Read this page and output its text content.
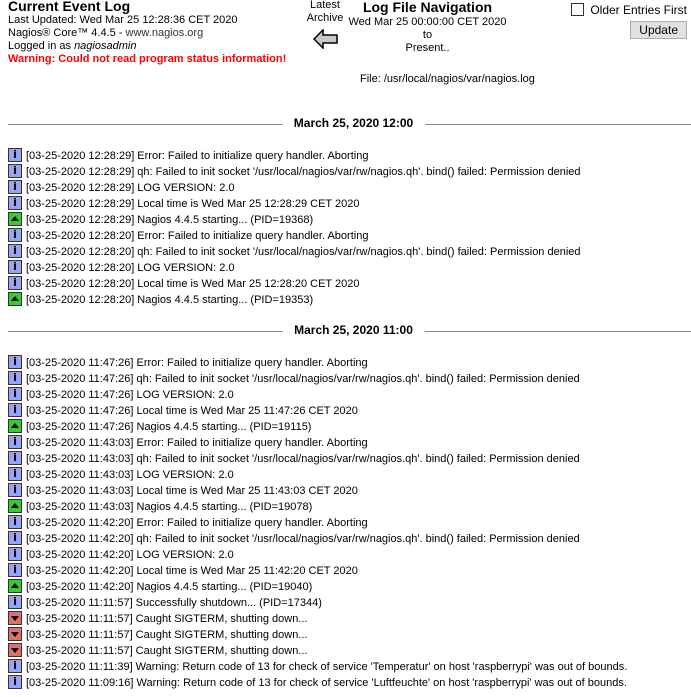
Current Event Log
Last Updated: Wed Mar 25 12:28:36 CET 2020
Nagios® Core™ 4.4.5 - www.nagios.org
Logged in as nagiosadmin
Warning: Could not read program status information!
Latest
Archive
Log File Navigation
Wed Mar 25 00:00:00 CET 2020
to
Present..
File: /usr/local/nagios/var/nagios.log
Older Entries First
Update
March 25, 2020 12:00
i[03-25-2020 12:28:29] Error: Failed to initialize query handler. Aborting
i[03-25-2020 12:28:29] qh: Failed to init socket '/usr/local/nagios/var/rw/nagios.qh'. bind() failed: Permission denied
i[03-25-2020 12:28:29] LOG VERSION: 2.0
i[03-25-2020 12:28:29] Local time is Wed Mar 25 12:28:29 CET 2020
[03-25-2020 12:28:29] Nagios 4.4.5 starting... (PID=19368)
i[03-25-2020 12:28:20] Error: Failed to initialize query handler. Aborting
i[03-25-2020 12:28:20] qh: Failed to init socket '/usr/local/nagios/var/rw/nagios.qh'. bind() failed: Permission denied
i[03-25-2020 12:28:20] LOG VERSION: 2.0
i[03-25-2020 12:28:20] Local time is Wed Mar 25 12:28:20 CET 2020
[03-25-2020 12:28:20] Nagios 4.4.5 starting... (PID=19353)
March 25, 2020 11:00
i[03-25-2020 11:47:26] Error: Failed to initialize query handler. Aborting
i[03-25-2020 11:47:26] qh: Failed to init socket '/usr/local/nagios/var/rw/nagios.qh'. bind() failed: Permission denied
i[03-25-2020 11:47:26] LOG VERSION: 2.0
i[03-25-2020 11:47:26] Local time is Wed Mar 25 11:47:26 CET 2020
[03-25-2020 11:47:26] Nagios 4.4.5 starting... (PID=19115)
i[03-25-2020 11:43:03] Error: Failed to initialize query handler. Aborting
i[03-25-2020 11:43:03] qh: Failed to init socket '/usr/local/nagios/var/rw/nagios.qh'. bind() failed: Permission denied
i[03-25-2020 11:43:03] LOG VERSION: 2.0
i[03-25-2020 11:43:03] Local time is Wed Mar 25 11:43:03 CET 2020
[03-25-2020 11:43:03] Nagios 4.4.5 starting... (PID=19078)
i[03-25-2020 11:42:20] Error: Failed to initialize query handler. Aborting
i[03-25-2020 11:42:20] qh: Failed to init socket '/usr/local/nagios/var/rw/nagios.qh'. bind() failed: Permission denied
i[03-25-2020 11:42:20] LOG VERSION: 2.0
i[03-25-2020 11:42:20] Local time is Wed Mar 25 11:42:20 CET 2020
[03-25-2020 11:42:20] Nagios 4.4.5 starting... (PID=19040)
i[03-25-2020 11:11:57] Successfully shutdown... (PID=17344)
[03-25-2020 11:11:57] Caught SIGTERM, shutting down...
[03-25-2020 11:11:57] Caught SIGTERM, shutting down...
[03-25-2020 11:11:57] Caught SIGTERM, shutting down...
i[03-25-2020 11:11:39] Warning: Return code of 13 for check of service 'Temperatur' on host 'raspberrypi' was out of bounds.
i[03-25-2020 11:09:16] Warning: Return code of 13 for check of service 'Luftfeuchte' on host 'raspberrypi' was out of bounds.
